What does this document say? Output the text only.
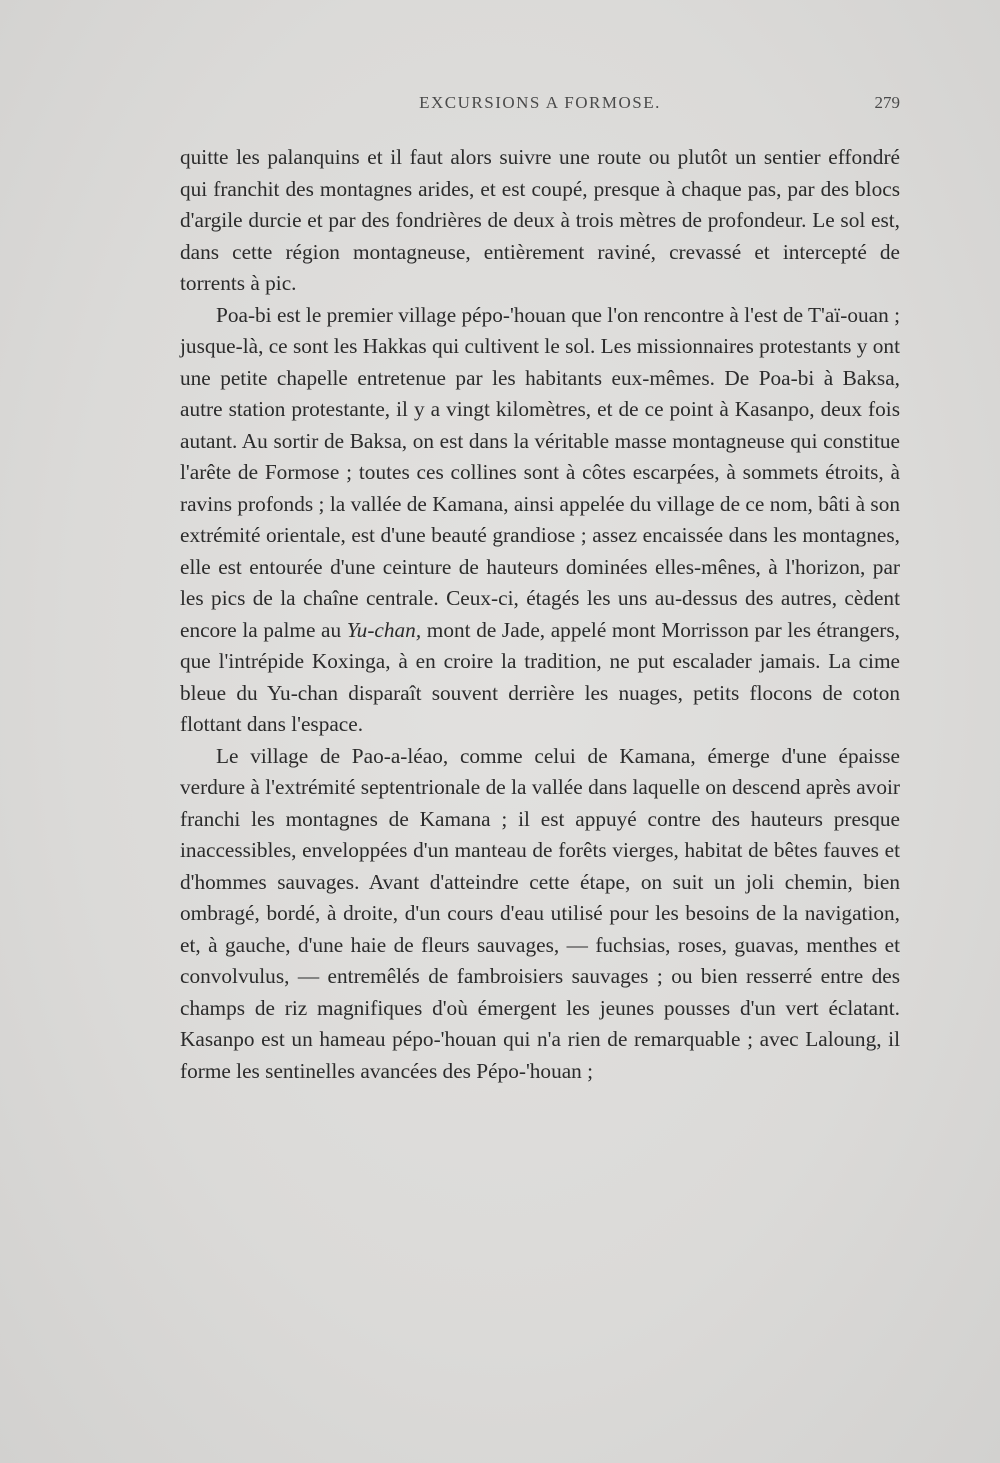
EXCURSIONS A FORMOSE.	279

quitte les palanquins et il faut alors suivre une route ou plutôt un sentier effondré qui franchit des montagnes arides, et est coupé, presque à chaque pas, par des blocs d'argile durcie et par des fondrières de deux à trois mètres de profondeur. Le sol est, dans cette région montagneuse, entièrement raviné, crevassé et intercepté de torrents à pic.

Poa-bi est le premier village pépo-'houan que l'on rencontre à l'est de T'aï-ouan ; jusque-là, ce sont les Hakkas qui cultivent le sol. Les missionnaires protestants y ont une petite chapelle entretenue par les habitants eux-mêmes. De Poa-bi à Baksa, autre station protestante, il y a vingt kilomètres, et de ce point à Kasanpo, deux fois autant. Au sortir de Baksa, on est dans la véritable masse montagneuse qui constitue l'arête de Formose ; toutes ces collines sont à côtes escarpées, à sommets étroits, à ravins profonds ; la vallée de Kamana, ainsi appelée du village de ce nom, bâti à son extrémité orientale, est d'une beauté grandiose ; assez encaissée dans les montagnes, elle est entourée d'une ceinture de hauteurs dominées elles-mênes, à l'horizon, par les pics de la chaîne centrale. Ceux-ci, étagés les uns au-dessus des autres, cèdent encore la palme au Yu-chan, mont de Jade, appelé mont Morrisson par les étrangers, que l'intrépide Koxinga, à en croire la tradition, ne put escalader jamais. La cime bleue du Yu-chan disparaît souvent derrière les nuages, petits flocons de coton flottant dans l'espace.

Le village de Pao-a-léao, comme celui de Kamana, émerge d'une épaisse verdure à l'extrémité septentrionale de la vallée dans laquelle on descend après avoir franchi les montagnes de Kamana ; il est appuyé contre des hauteurs presque inaccessibles, enveloppées d'un manteau de forêts vierges, habitat de bêtes fauves et d'hommes sauvages. Avant d'atteindre cette étape, on suit un joli chemin, bien ombragé, bordé, à droite, d'un cours d'eau utilisé pour les besoins de la navigation, et, à gauche, d'une haie de fleurs sauvages, — fuchsias, roses, guavas, menthes et convolvulus, — entremêlés de fambroisiers sauvages ; ou bien resserré entre des champs de riz magnifiques d'où émergent les jeunes pousses d'un vert éclatant. Kasanpo est un hameau pépo-'houan qui n'a rien de remarquable ; avec Laloung, il forme les sentinelles avancées des Pépo-'houan ;
